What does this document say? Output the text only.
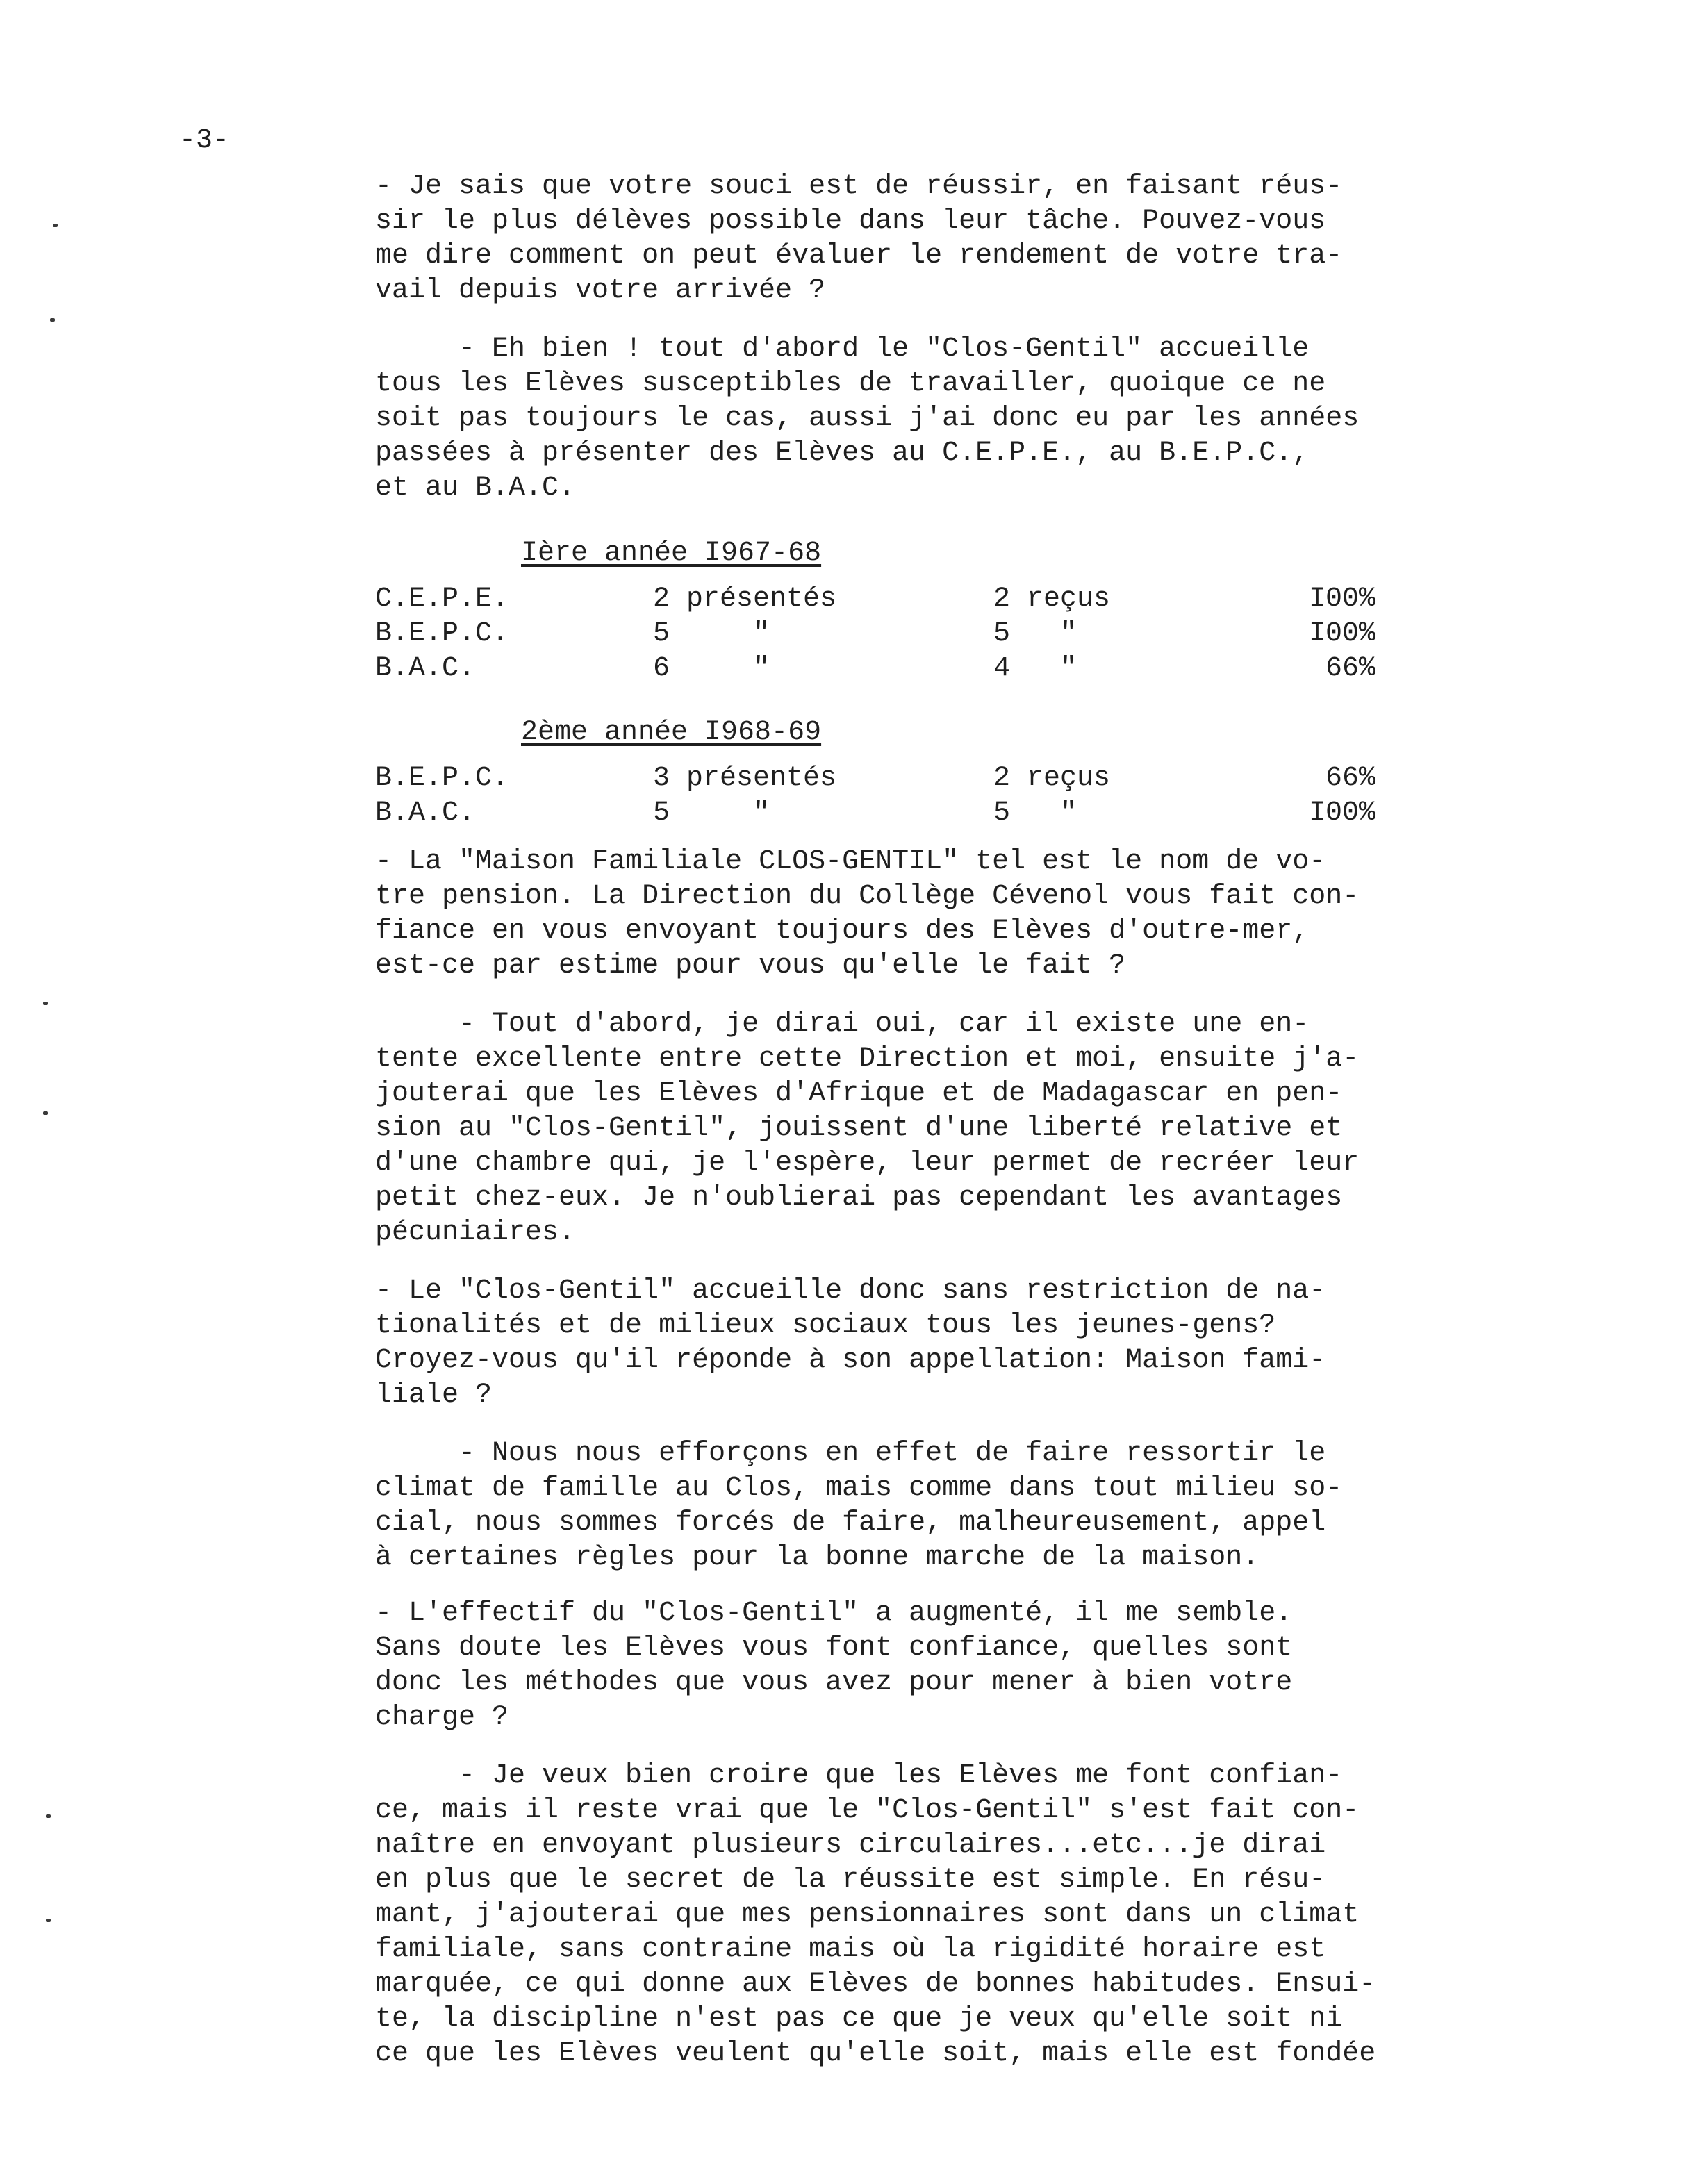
-3-

- Je sais que votre souci est de réussir, en faisant réus-
sir le plus délèves possible dans leur tâche. Pouvez-vous
me dire comment on peut évaluer le rendement de votre tra-
vail depuis votre arrivée ?

- Eh bien ! tout d'abord le "Clos-Gentil" accueille
tous les Elèves susceptibles de travailler, quoique ce ne
soit pas toujours le cas, aussi j'ai donc eu par les années
passées à présenter des Elèves au C.E.P.E., au B.E.P.C.,
et au B.A.C.

Ière année I967-68
C.E.P.E.	2 présentés	2 reçus	I00%
B.E.P.C.	5     "	5   "	I00%
B.A.C.	6     "	4   "	66%
2ème année I968-69
B.E.P.C.	3 présentés	2 reçus	66%
B.A.C.	5     "	5   "	I00%

- La "Maison Familiale CLOS-GENTIL" tel est le nom de vo-
tre pension. La Direction du Collège Cévenol vous fait con-
fiance en vous envoyant toujours des Elèves d'outre-mer,
est-ce par estime pour vous qu'elle le fait ?

- Tout d'abord, je dirai oui, car il existe une en-
tente excellente entre cette Direction et moi, ensuite j'a-
jouterai que les Elèves d'Afrique et de Madagascar en pen-
sion au "Clos-Gentil", jouissent d'une liberté relative et
d'une chambre qui, je l'espère, leur permet de recréer leur
petit chez-eux. Je n'oublierai pas cependant les avantages
pécuniaires.

- Le "Clos-Gentil" accueille donc sans restriction de na-
tionalités et de milieux sociaux tous les jeunes-gens?
Croyez-vous qu'il réponde à son appellation: Maison fami-
liale ?

- Nous nous efforçons en effet de faire ressortir le
climat de famille au Clos, mais comme dans tout milieu so-
cial, nous sommes forcés de faire, malheureusement, appel
à certaines règles pour la bonne marche de la maison.

- L'effectif du "Clos-Gentil" a augmenté, il me semble.
Sans doute les Elèves vous font confiance, quelles sont
donc les méthodes que vous avez pour mener à bien votre
charge ?

- Je veux bien croire que les Elèves me font confian-
ce, mais il reste vrai que le "Clos-Gentil" s'est fait con-
naître en envoyant plusieurs circulaires...etc...je dirai
en plus que le secret de la réussite est simple. En résu-
mant, j'ajouterai que mes pensionnaires sont dans un climat
familiale, sans contraine mais où la rigidité horaire est
marquée, ce qui donne aux Elèves de bonnes habitudes. Ensui-
te, la discipline n'est pas ce que je veux qu'elle soit ni
ce que les Elèves veulent qu'elle soit, mais elle est fondée
